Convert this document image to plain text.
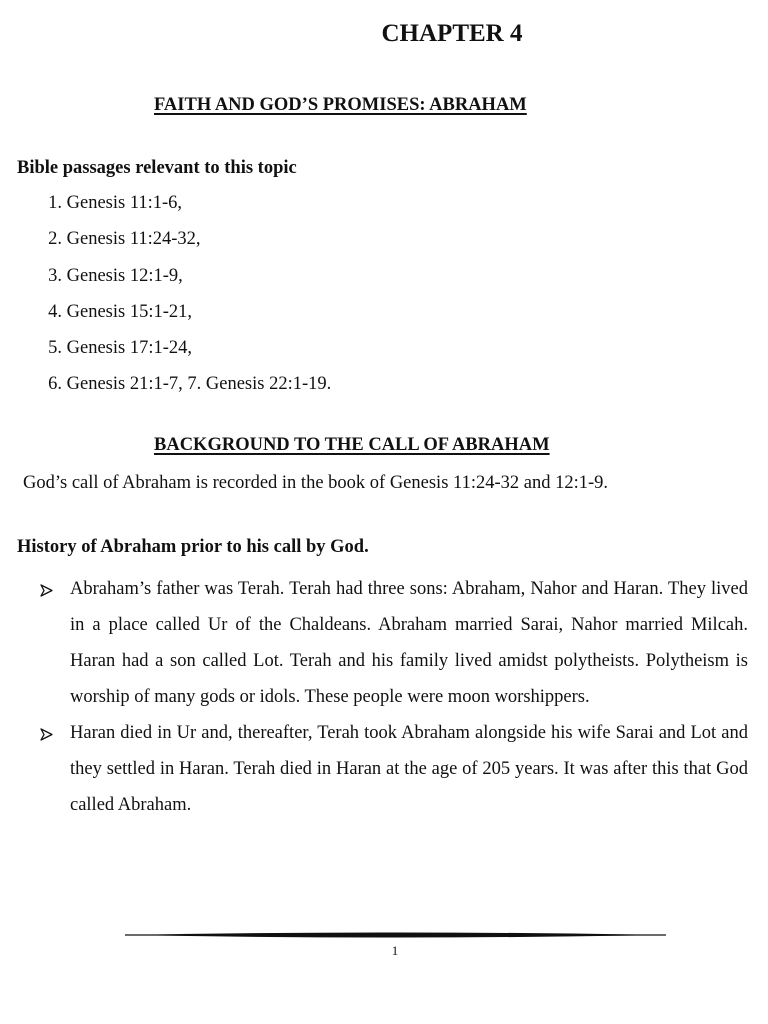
CHAPTER 4
FAITH AND GOD’S PROMISES: ABRAHAM
Bible passages relevant to this topic
1. Genesis 11:1-6,
2. Genesis 11:24-32,
3. Genesis 12:1-9,
4. Genesis 15:1-21,
5. Genesis 17:1-24,
6. Genesis 21:1-7, 7. Genesis 22:1-19.
BACKGROUND TO THE CALL OF ABRAHAM
God’s call of Abraham is recorded in the book of Genesis 11:24-32 and 12:1-9.
History of Abraham prior to his call by God.
Abraham’s father was Terah. Terah had three sons: Abraham, Nahor and Haran. They lived in a place called Ur of the Chaldeans. Abraham married Sarai, Nahor married Milcah. Haran had a son called Lot. Terah and his family lived amidst polytheists. Polytheism is worship of many gods or idols. These people were moon worshippers.
Haran died in Ur and, thereafter, Terah took Abraham alongside his wife Sarai and Lot and they settled in Haran. Terah died in Haran at the age of 205 years. It was after this that God called Abraham.
1
